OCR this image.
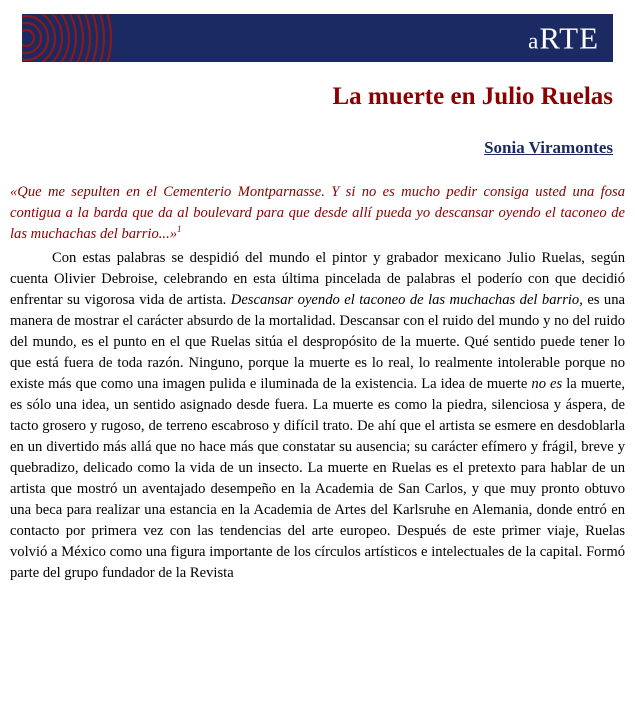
aRTE
La muerte en Julio Ruelas
Sonia Viramontes

«Que me sepulten en el Cementerio Montparnasse. Y si no es mucho pedir consiga usted una fosa contigua a la barda que da al boulevard para que desde allí pueda yo descansar oyendo el taconeo de las muchachas del barrio...»$^1$

Con estas palabras se despidió del mundo el pintor y grabador mexicano Julio Ruelas, según cuenta Olivier Debroise, celebrando en esta última pincelada de palabras el poderío con que decidió enfrentar su vigorosa vida de artista. Descansar oyendo el taconeo de las muchachas del barrio, es una manera de mostrar el carácter absurdo de la mortalidad. Descansar con el ruido del mundo y no del ruido del mundo, es el punto en el que Ruelas sitúa el despropósito de la muerte. Qué sentido puede tener lo que está fuera de toda razón. Ninguno, porque la muerte es lo real, lo realmente intolerable porque no existe más que como una imagen pulida e iluminada de la existencia. La idea de muerte no es la muerte, es sólo una idea, un sentido asignado desde fuera. La muerte es como la piedra, silenciosa y áspera, de tacto grosero y rugoso, de terreno escabroso y difícil trato. De ahí que el artista se esmere en desdoblarla en un divertido más allá que no hace más que constatar su ausencia; su carácter efímero y frágil, breve y quebradizo, delicado como la vida de un insecto. La muerte en Ruelas es el pretexto para hablar de un artista que mostró un aventajado desempeño en la Academia de San Carlos, y que muy pronto obtuvo una beca para realizar una estancia en la Academia de Artes del Karlsruhe en Alemania, donde entró en contacto por primera vez con las tendencias del arte europeo. Después de este primer viaje, Ruelas volvió a México como una figura importante de los círculos artísticos e intelectuales de la capital. Formó parte del grupo fundador de la Revista
